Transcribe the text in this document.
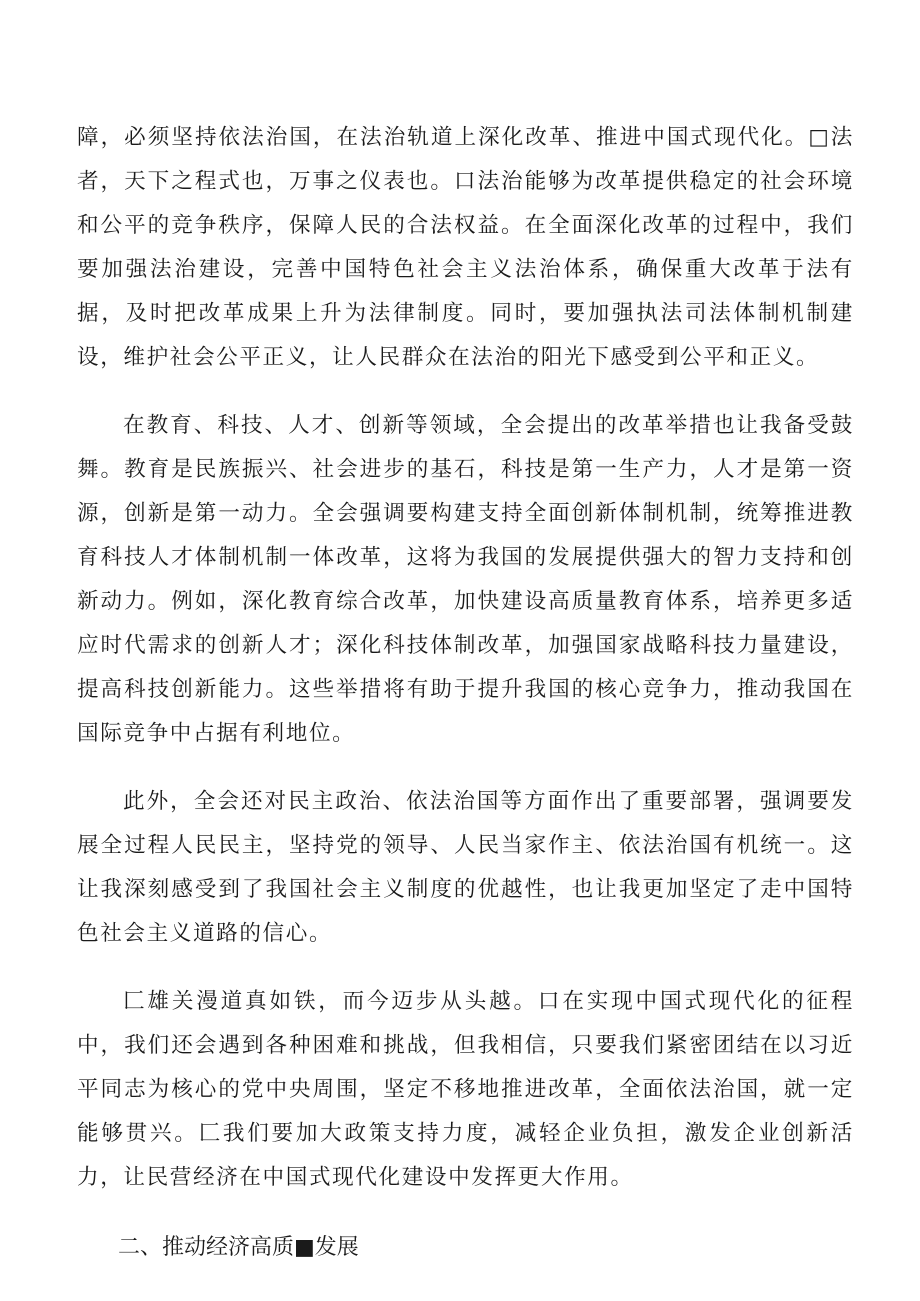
障，必须坚持依法治国，在法治轨道上深化改革、推进中国式现代化。□法者，天下之程式也，万事之仪表也。口法治能够为改革提供稳定的社会环境和公平的竞争秩序，保障人民的合法权益。在全面深化改革的过程中，我们要加强法治建设，完善中国特色社会主义法治体系，确保重大改革于法有据，及时把改革成果上升为法律制度。同时，要加强执法司法体制机制建设，维护社会公平正义，让人民群众在法治的阳光下感受到公平和正义。

在教育、科技、人才、创新等领域，全会提出的改革举措也让我备受鼓舞。教育是民族振兴、社会进步的基石，科技是第一生产力，人才是第一资源，创新是第一动力。全会强调要构建支持全面创新体制机制，统筹推进教育科技人才体制机制一体改革，这将为我国的发展提供强大的智力支持和创新动力。例如，深化教育综合改革，加快建设高质量教育体系，培养更多适应时代需求的创新人才；深化科技体制改革，加强国家战略科技力量建设，提高科技创新能力。这些举措将有助于提升我国的核心竞争力，推动我国在国际竞争中占据有利地位。

此外，全会还对民主政治、依法治国等方面作出了重要部署，强调要发展全过程人民民主，坚持党的领导、人民当家作主、依法治国有机统一。这让我深刻感受到了我国社会主义制度的优越性，也让我更加坚定了走中国特色社会主义道路的信心。

匚雄关漫道真如铁，而今迈步从头越。口在实现中国式现代化的征程中，我们还会遇到各种困难和挑战，但我相信，只要我们紧密团结在以习近平同志为核心的党中央周围，坚定不移地推进改革，全面依法治国，就一定能够贯兴。匚我们要加大政策支持力度，减轻企业负担，激发企业创新活力，让民营经济在中国式现代化建设中发挥更大作用。

二、推动经济高质■发展
